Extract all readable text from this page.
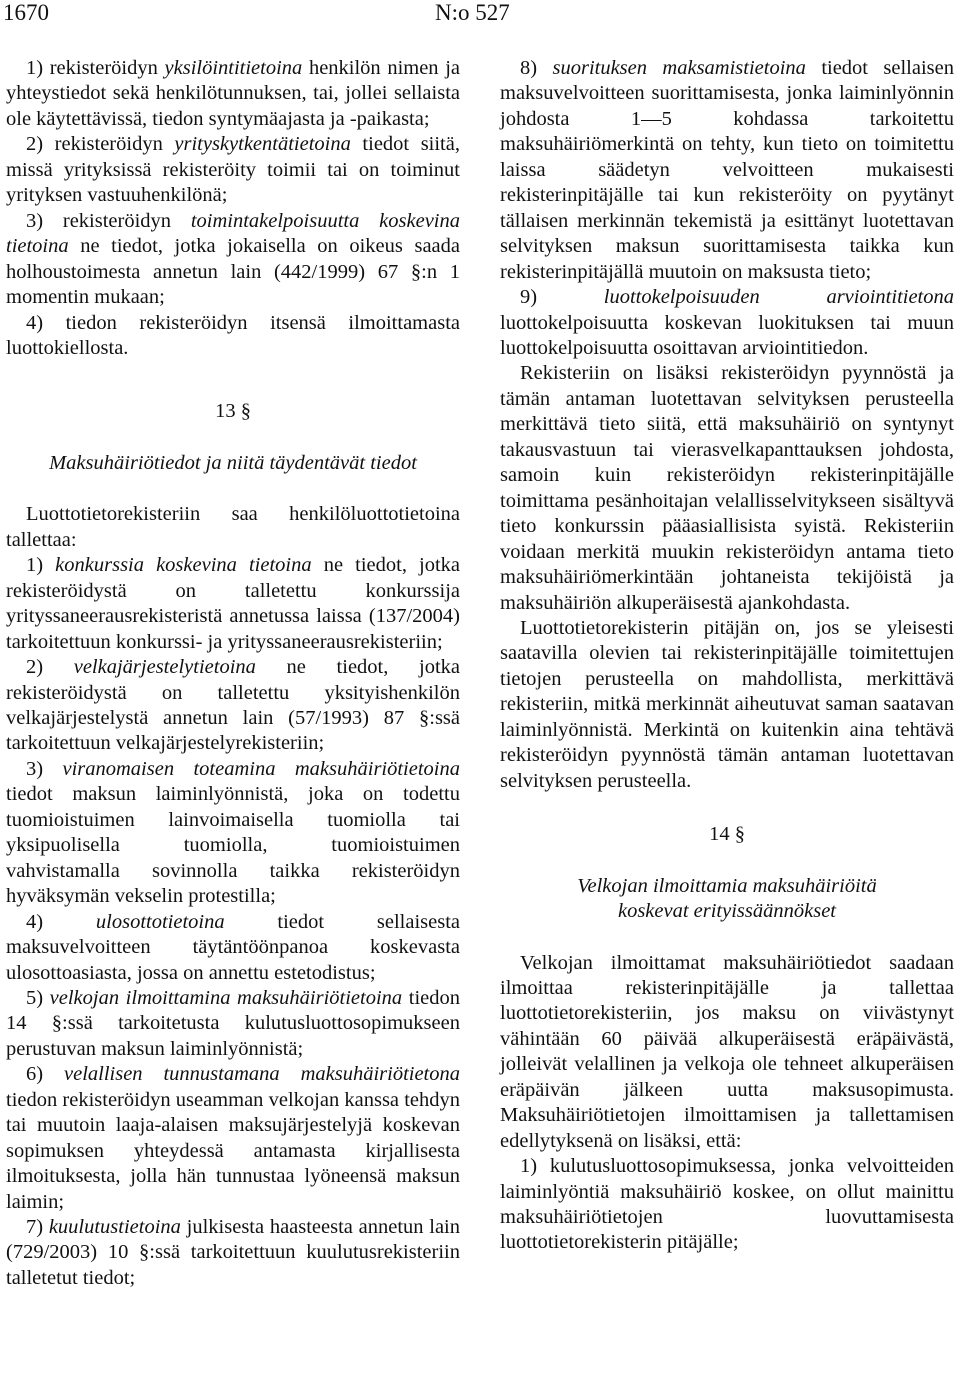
1670	N:o 527

1) rekisteröidyn yksilöintitietoina henkilön nimen ja yhteystiedot sekä henkilötunnuksen, tai, jollei sellaista ole käytettävissä, tiedon syntymäajasta ja -paikasta;

2) rekisteröidyn yrityskytkentätietoina tiedot siitä, missä yrityksissä rekisteröity toimii tai on toiminut yrityksen vastuuhenkilönä;

3) rekisteröidyn toimintakelpoisuutta koskevina tietoina ne tiedot, jotka jokaisella on oikeus saada holhoustoimesta annetun lain (442/1999) 67 §:n 1 momentin mukaan;

4) tiedon rekisteröidyn itsensä ilmoittamasta luottokiellosta.

13 §

Maksuhäiriötiedot ja niitä täydentävät tiedot

Luottotietorekisteriin saa henkilöluottotietoina tallettaa:

1) konkurssia koskevina tietoina ne tiedot, jotka rekisteröidystä on talletettu konkurssija yrityssaneerausrekisteristä annetussa laissa (137/2004) tarkoitettuun konkurssi- ja yrityssaneerausrekisteriin;

2) velkajärjestelytietoina ne tiedot, jotka rekisteröidystä on talletettu yksityishenkilön velkajärjestelystä annetun lain (57/1993) 87 §:ssä tarkoitettuun velkajärjestelyrekisteriin;

3) viranomaisen toteamina maksuhäiriötietoina tiedot maksun laiminlyönnistä, joka on todettu tuomioistuimen lainvoimaisella tuomiolla tai yksipuolisella tuomiolla, tuomioistuimen vahvistamalla sovinnolla taikka rekisteröidyn hyväksymän vekselin protestilla;

4) ulosottotietoina tiedot sellaisesta maksuvelvoitteen täytäntöönpanoa koskevasta ulosottoasiasta, jossa on annettu estetodistus;

5) velkojan ilmoittamina maksuhäiriötietoina tiedon 14 §:ssä tarkoitetusta kulutusluottosopimukseen perustuvan maksun laiminlyönnistä;

6) velallisen tunnustamana maksuhäiriötietona tiedon rekisteröidyn useamman velkojan kanssa tehdyn tai muutoin laaja-alaisen maksujärjestelyjä koskevan sopimuksen yhteydessä antamasta kirjallisesta ilmoituksesta, jolla hän tunnustaa lyöneensä maksun laimin;

7) kuulutustietoina julkisesta haasteesta annetun lain (729/2003) 10 §:ssä tarkoitettuun kuulutusrekisteriin talletetut tiedot;

8) suorituksen maksamistietoina tiedot sellaisen maksuvelvoitteen suorittamisesta, jonka laiminlyönnin johdosta 1—5 kohdassa tarkoitettu maksuhäiriömerkintä on tehty, kun tieto on toimitettu laissa säädetyn velvoitteen mukaisesti rekisterinpitäjälle tai kun rekisteröity on pyytänyt tällaisen merkinnän tekemistä ja esittänyt luotettavan selvityksen maksun suorittamisesta taikka kun rekisterinpitäjällä muutoin on maksusta tieto;

9) luottokelpoisuuden arviointitietona luottokelpoisuutta koskevan luokituksen tai muun luottokelpoisuutta osoittavan arviointitiedon.

Rekisteriin on lisäksi rekisteröidyn pyynnöstä ja tämän antaman luotettavan selvityksen perusteella merkittävä tieto siitä, että maksuhäiriö on syntynyt takausvastuun tai vierasvelkapanttauksen johdosta, samoin kuin rekisteröidyn rekisterinpitäjälle toimittama pesänhoitajan velallisselvitykseen sisältyvä tieto konkurssin pääasiallisista syistä. Rekisteriin voidaan merkitä muukin rekisteröidyn antama tieto maksuhäiriömerkintään johtaneista tekijöistä ja maksuhäiriön alkuperäisestä ajankohdasta.

Luottotietorekisterin pitäjän on, jos se yleisesti saatavilla olevien tai rekisterinpitäjälle toimitettujen tietojen perusteella on mahdollista, merkittävä rekisteriin, mitkä merkinnät aiheutuvat saman saatavan laiminlyönnistä. Merkintä on kuitenkin aina tehtävä rekisteröidyn pyynnöstä tämän antaman luotettavan selvityksen perusteella.

14 §

Velkojan ilmoittamia maksuhäiriöitä
koskevat erityissäännökset

Velkojan ilmoittamat maksuhäiriötiedot saadaan ilmoittaa rekisterinpitäjälle ja tallettaa luottotietorekisteriin, jos maksu on viivästynyt vähintään 60 päivää alkuperäisestä eräpäivästä, jolleivät velallinen ja velkoja ole tehneet alkuperäisen eräpäivän jälkeen uutta maksusopimusta. Maksuhäiriötietojen ilmoittamisen ja tallettamisen edellytyksenä on lisäksi, että:

1) kulutusluottosopimuksessa, jonka velvoitteiden laiminlyöntiä maksuhäiriö koskee, on ollut mainittu maksuhäiriötietojen luovuttamisesta luottotietorekisterin pitäjälle;
